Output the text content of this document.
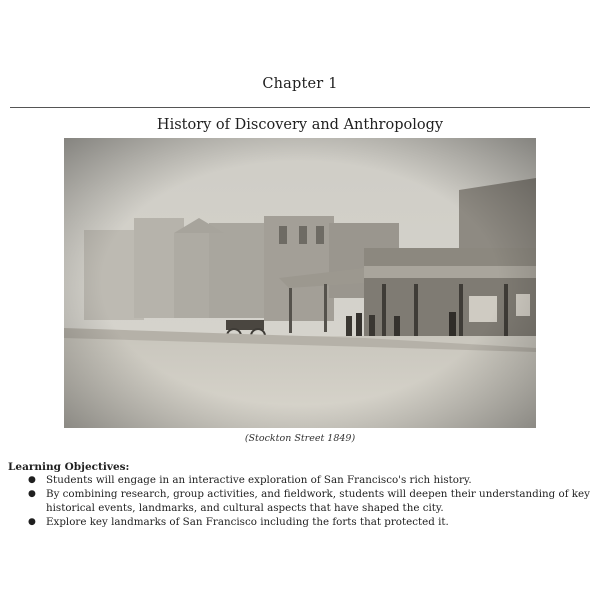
Chapter 1
History of Discovery and Anthropology
(Stockton Street 1849)
Learning Objectives:
● Students will engage in an interactive exploration of San Francisco's rich history.
● By combining research, group activities, and fieldwork, students will deepen their understanding of key historical events, landmarks, and cultural aspects that have shaped the city.
● Explore key landmarks of San Francisco including the forts that protected it.
